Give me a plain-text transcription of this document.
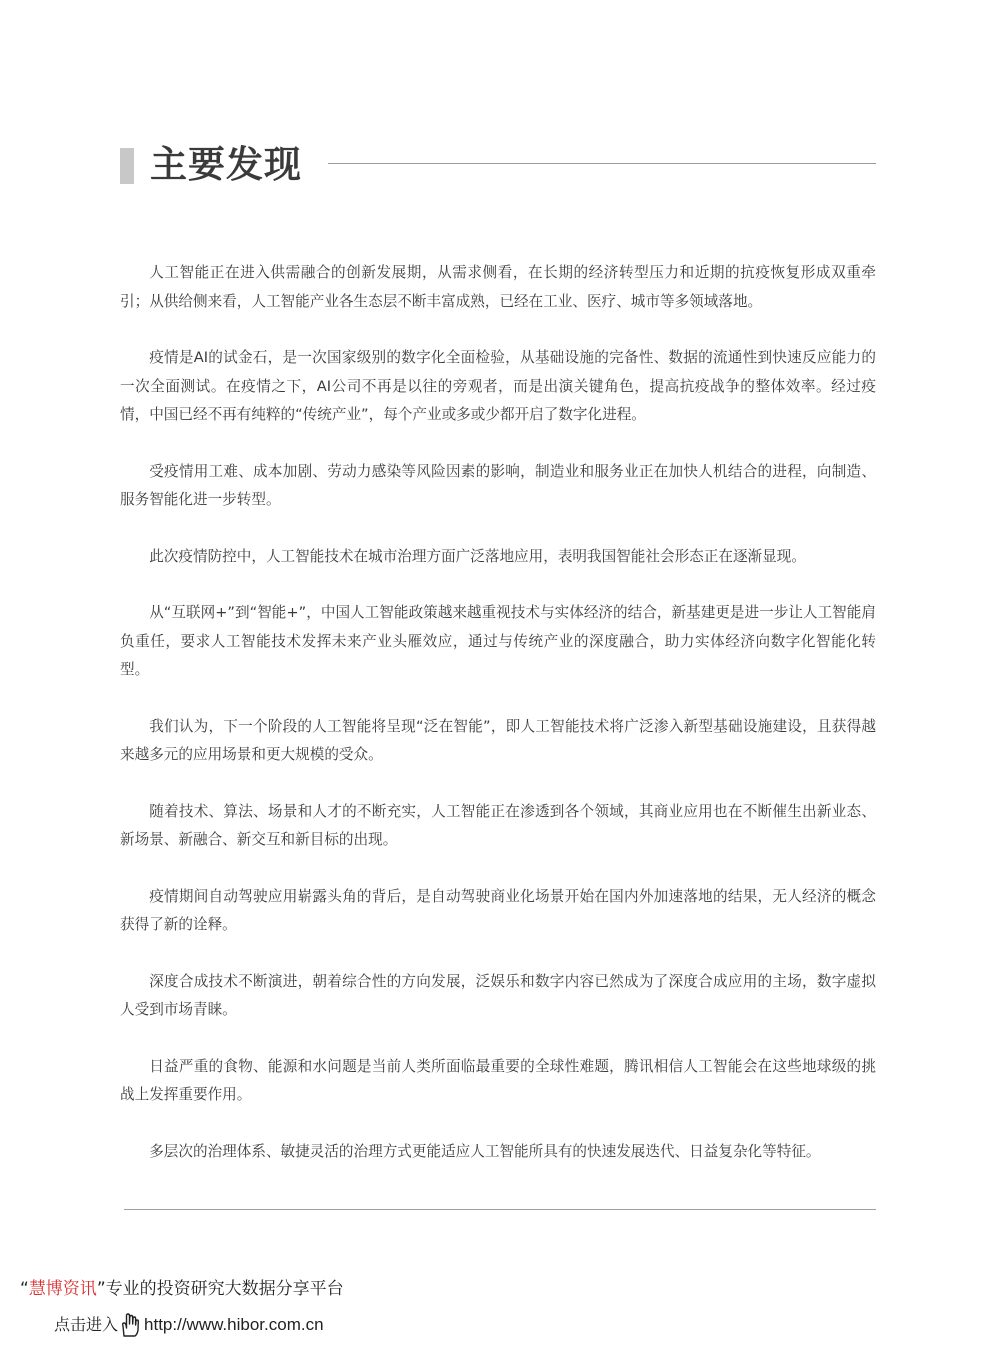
主要发现

人工智能正在进入供需融合的创新发展期，从需求侧看，在长期的经济转型压力和近期的抗疫恢复形成双重牵引；从供给侧来看，人工智能产业各生态层不断丰富成熟，已经在工业、医疗、城市等多领域落地。

疫情是AI的试金石，是一次国家级别的数字化全面检验，从基础设施的完备性、数据的流通性到快速反应能力的一次全面测试。在疫情之下，AI公司不再是以往的旁观者，而是出演关键角色，提高抗疫战争的整体效率。经过疫情，中国已经不再有纯粹的“传统产业”，每个产业或多或少都开启了数字化进程。

受疫情用工难、成本加剧、劳动力感染等风险因素的影响，制造业和服务业正在加快人机结合的进程，向制造、服务智能化进一步转型。

此次疫情防控中，人工智能技术在城市治理方面广泛落地应用，表明我国智能社会形态正在逐渐显现。

从“互联网+”到“智能+”，中国人工智能政策越来越重视技术与实体经济的结合，新基建更是进一步让人工智能肩负重任，要求人工智能技术发挥未来产业头雁效应，通过与传统产业的深度融合，助力实体经济向数字化智能化转型。

我们认为，下一个阶段的人工智能将呈现“泛在智能”，即人工智能技术将广泛渗入新型基础设施建设，且获得越来越多元的应用场景和更大规模的受众。

随着技术、算法、场景和人才的不断充实，人工智能正在渗透到各个领域，其商业应用也在不断催生出新业态、新场景、新融合、新交互和新目标的出现。

疫情期间自动驾驶应用崭露头角的背后，是自动驾驶商业化场景开始在国内外加速落地的结果，无人经济的概念获得了新的诠释。

深度合成技术不断演进，朝着综合性的方向发展，泛娱乐和数字内容已然成为了深度合成应用的主场，数字虚拟人受到市场青睐。

日益严重的食物、能源和水问题是当前人类所面临最重要的全球性难题，腾讯相信人工智能会在这些地球级的挑战上发挥重要作用。

多层次的治理体系、敏捷灵活的治理方式更能适应人工智能所具有的快速发展迭代、日益复杂化等特征。

“慧博资讯”专业的投资研究大数据分享平台
点击进入 http://www.hibor.com.cn
